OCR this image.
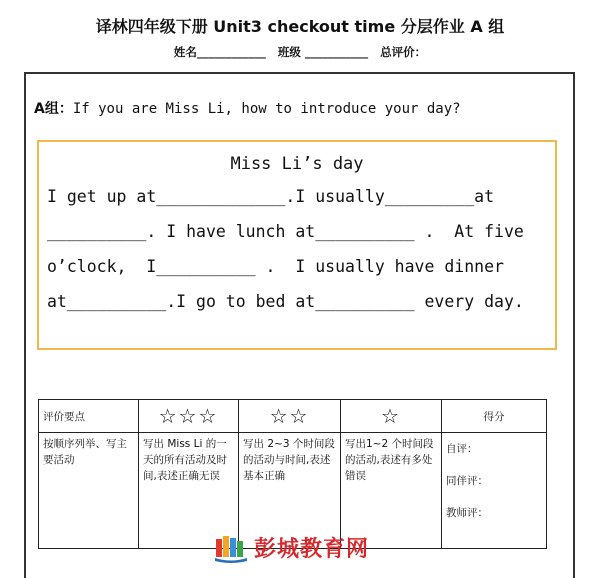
译林四年级下册 Unit3 checkout time 分层作业 A 组
姓名____________ 班级 ___________ 总评价：
A组：If you are Miss Li, how to introduce your day?
Miss Li’s day
I get up at_____________.I usually_________at
__________. I have lunch at__________ .  At five
o’clock,  I__________ .  I usually have dinner
at__________.I go to bed at__________ every day.
评价要点	☆☆☆	☆☆	☆	得分
按顺序列举、写主要活动	写出 Miss Li 的一天的所有活动及时间,表述正确无误	写出 2~3 个时间段的活动与时间,表述基本正确	写出1~2 个时间段的活动,表述有多处错误	自评：

同伴评：

教师评：
彭城教育网
